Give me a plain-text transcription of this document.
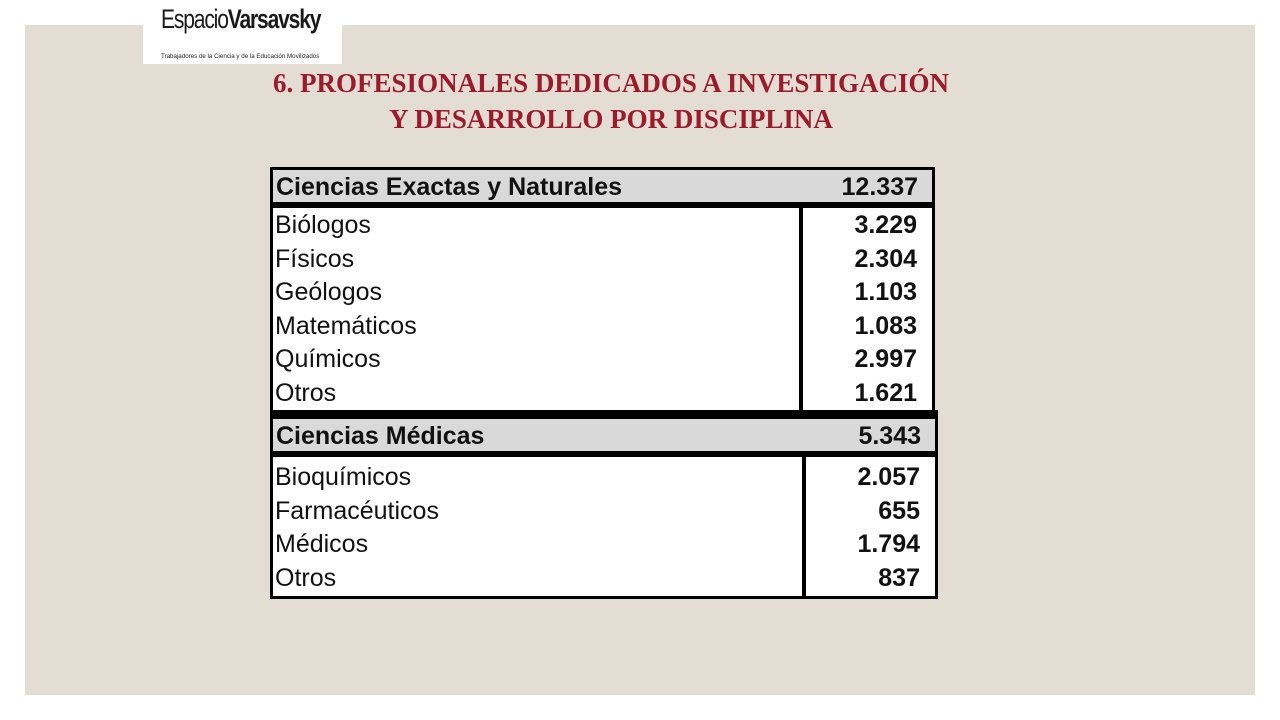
EspacioVarsavsky
Trabajadores de la Ciencia y de la Educación Movilizados
6. PROFESIONALES DEDICADOS A INVESTIGACIÓN
Y DESARROLLO POR DISCIPLINA
Ciencias Exactas y Naturales	12.337
Biólogos	3.229
Físicos	2.304
Geólogos	1.103
Matemáticos	1.083
Químicos	2.997
Otros	1.621
Ciencias Médicas	5.343
Bioquímicos	2.057
Farmacéuticos	655
Médicos	1.794
Otros	837
